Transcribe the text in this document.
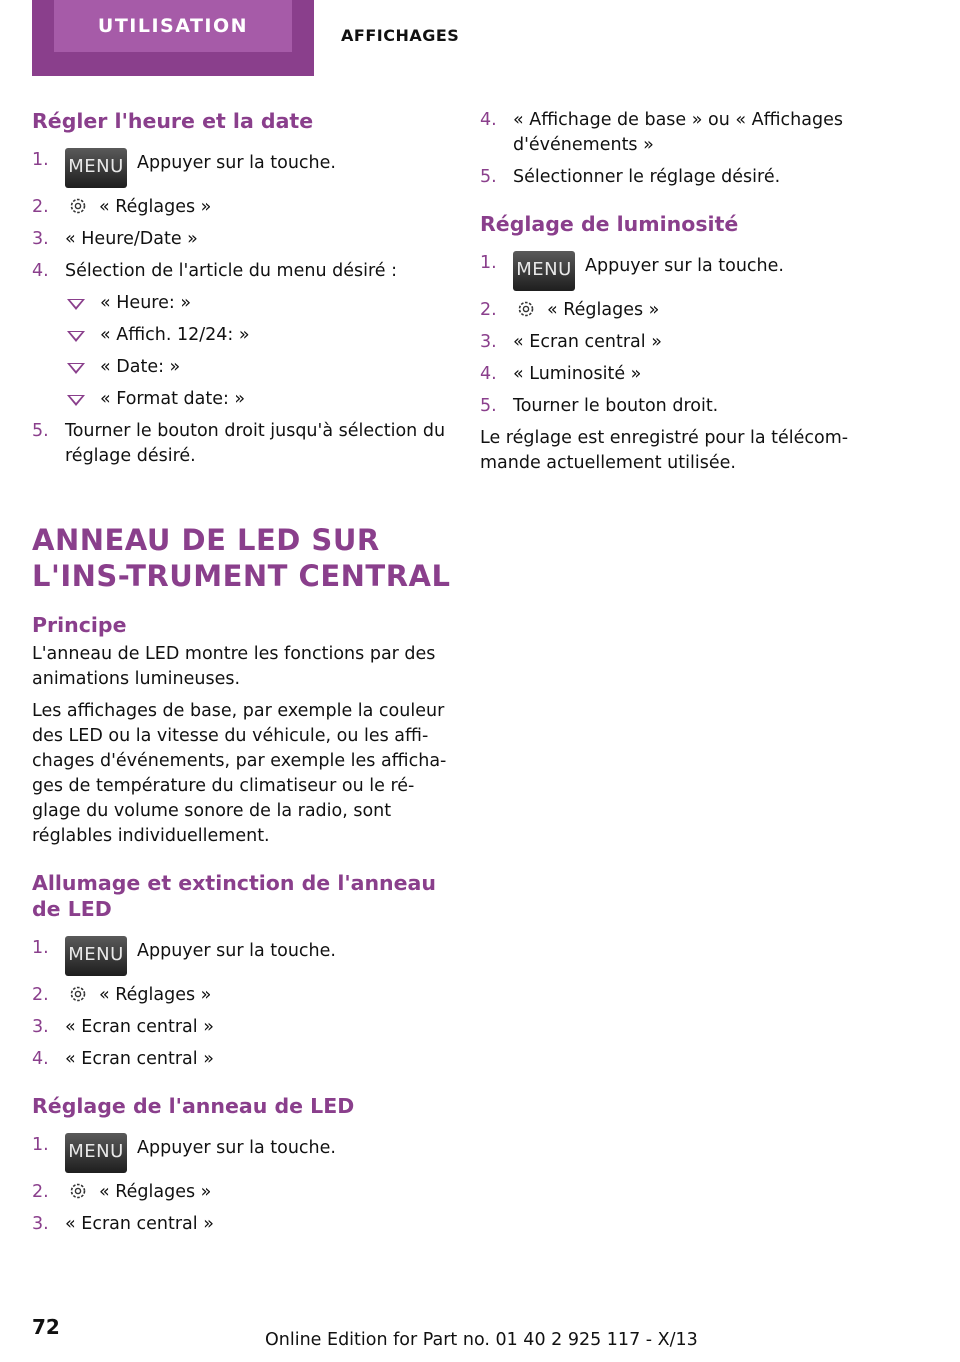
UTILISATION	AFFICHAGES
Régler l'heure et la date
1. MENU Appuyer sur la touche.
2.	« Réglages »
3. « Heure/Date »
4. Sélection de l'article du menu désiré :
« Heure: »
« Affich. 12/24: »
« Date: »
« Format date: »
5. Tourner le bouton droit jusqu'à sélection du réglage désiré.
ANNEAU DE LED SUR L'INS‐TRUMENT CENTRAL
Principe

L'anneau de LED montre les fonctions par des animations lumineuses.

Les affichages de base, par exemple la couleur des LED ou la vitesse du véhicule, ou les affi‐chages d'événements, par exemple les afficha‐ges de température du climatiseur ou le ré‐glage du volume sonore de la radio, sont réglables individuellement.

Allumage et extinction de l'anneau de LED
1. MENU Appuyer sur la touche.
2.	« Réglages »
3. « Ecran central »
4. « Ecran central »
Réglage de l'anneau de LED
1. MENU Appuyer sur la touche.
2.	« Réglages »
3. « Ecran central »
4. « Affichage de base » ou « Affichages d'événements »
5. Sélectionner le réglage désiré.
Réglage de luminosité
1. MENU Appuyer sur la touche.
2.	« Réglages »
3. « Ecran central »
4. « Luminosité »
5. Tourner le bouton droit.

Le réglage est enregistré pour la télécom‐mande actuellement utilisée.

72
Online Edition for Part no. 01 40 2 925 117 - X/13
